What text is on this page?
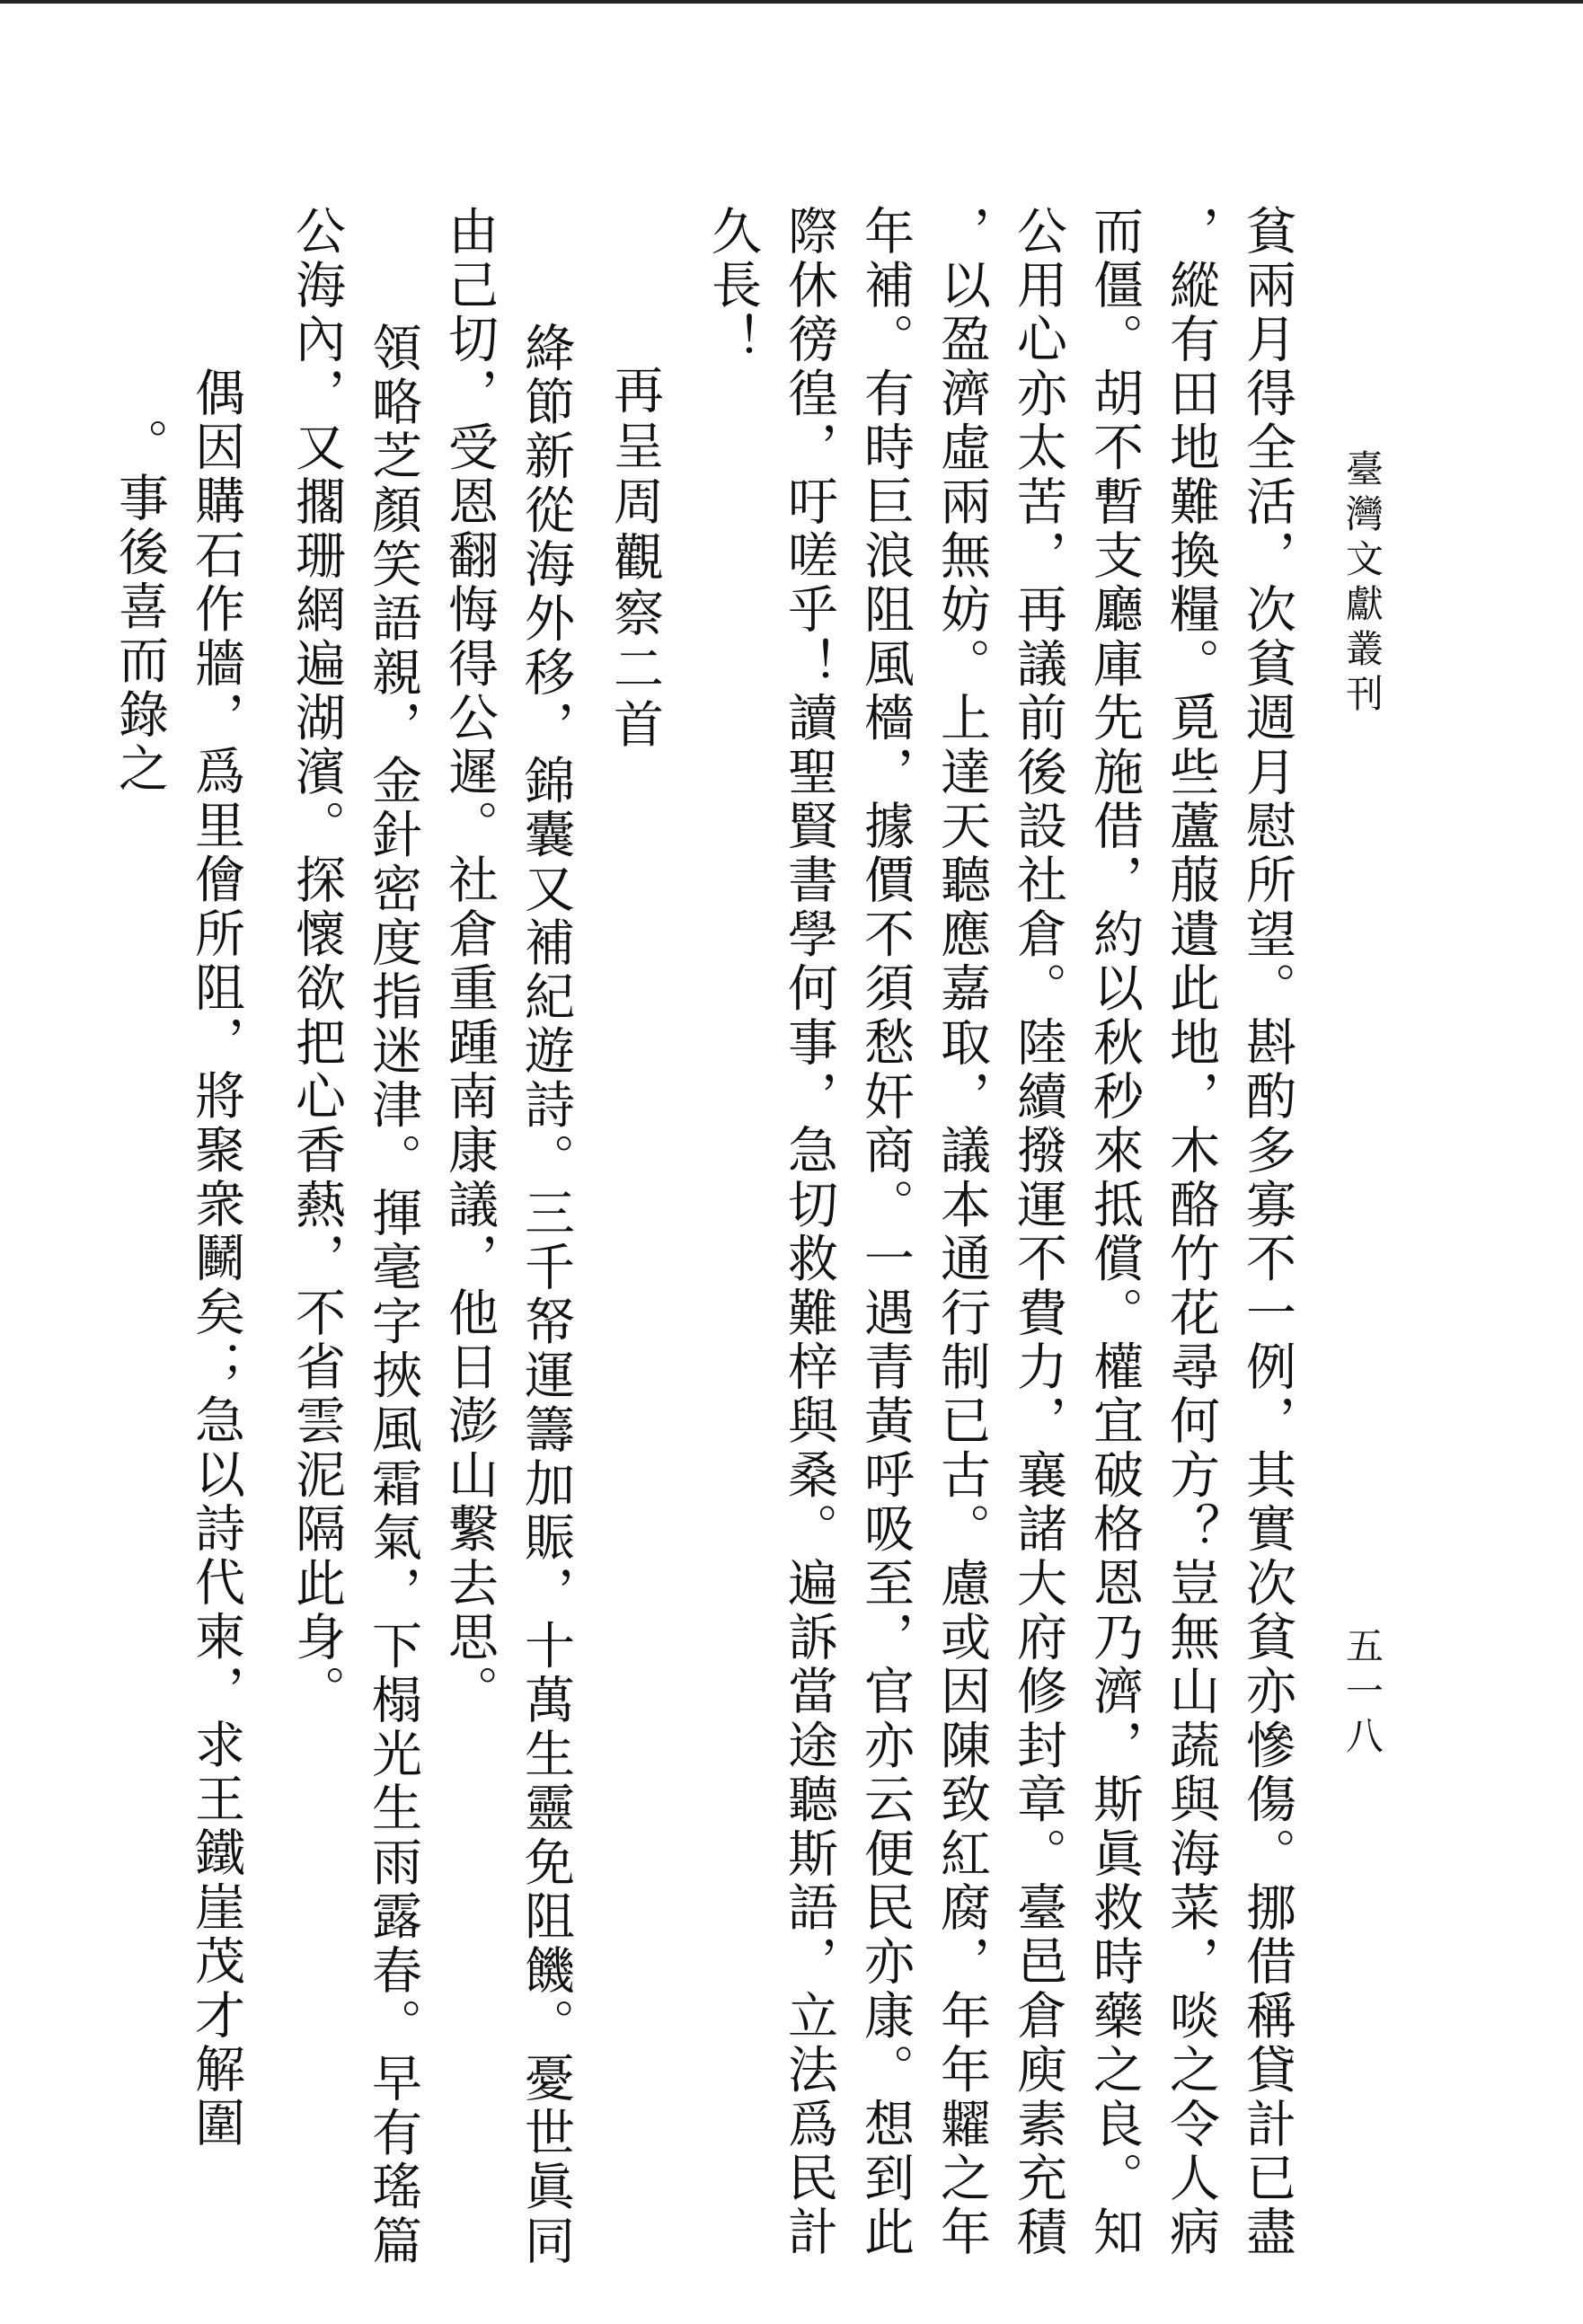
臺灣文獻叢刊
五一八
貧兩月得全活，次貧週月慰所望。斟酌多寡不一例，其實次貧亦慘傷。挪借稱貸計已盡
，縱有田地難換糧。覓些蘆菔遺此地，木酪竹花尋何方？豈無山蔬與海菜，啖之令人病
而僵。胡不暫支廳庫先施借，約以秋秒來抵償。權宜破格恩乃濟，斯眞救時藥之良。知
公用心亦太苦，再議前後設社倉。陸續撥運不費力，襄諸大府修封章。臺邑倉庾素充積
，以盈濟虛兩無妨。上達天聽應嘉取，議本通行制已古。慮或因陳致紅腐，年年糶之年
年補。有時巨浪阻風檣，據價不須愁奸商。一遇青黃呼吸至，官亦云便民亦康。想到此
際休徬徨，吁嗟乎！讀聖賢書學何事，急切救難梓與桑。遍訴當途聽斯語，立法爲民計
久長！
再呈周觀察二首
絳節新從海外移，錦囊又補紀遊詩。三千帑運籌加賑，十萬生靈免阻饑。憂世眞同
由己切，受恩翻悔得公遲。社倉重踵南康議，他日澎山繫去思。
領略芝顏笑語親，金針密度指迷津。揮毫字挾風霜氣，下榻光生雨露春。早有瑤篇
公海內，又擱珊網遍湖濱。探懷欲把心香爇，不省雲泥隔此身。
偶因購石作牆，爲里儈所阻，將聚衆鬭矣；急以詩代柬，求王鐵崖茂才解圍
。事後喜而錄之
